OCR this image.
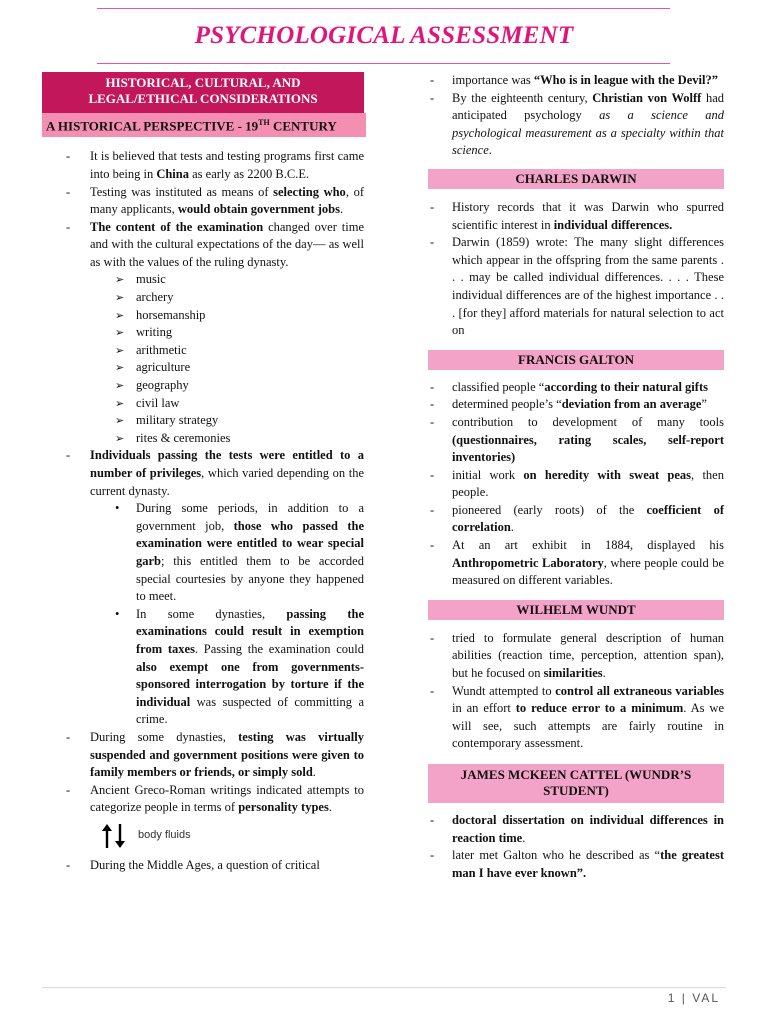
PSYCHOLOGICAL ASSESSMENT
HISTORICAL, CULTURAL, AND LEGAL/ETHICAL CONSIDERATIONS
A HISTORICAL PERSPECTIVE - 19TH CENTURY
- It is believed that tests and testing programs first came into being in China as early as 2200 B.C.E.
- Testing was instituted as means of selecting who, of many applicants, would obtain government jobs.
- The content of the examination changed over time and with the cultural expectations of the day— as well as with the values of the ruling dynasty.
➢ music
➢ archery
➢ horsemanship
➢ writing
➢ arithmetic
➢ agriculture
➢ geography
➢ civil law
➢ military strategy
➢ rites & ceremonies
- Individuals passing the tests were entitled to a number of privileges, which varied depending on the current dynasty.
• During some periods, in addition to a government job, those who passed the examination were entitled to wear special garb; this entitled them to be accorded special courtesies by anyone they happened to meet.
• In some dynasties, passing the examinations could result in exemption from taxes. Passing the examination could also exempt one from governments-sponsored interrogation by torture if the individual was suspected of committing a crime.
- During some dynasties, testing was virtually suspended and government positions were given to family members or friends, or simply sold.
- Ancient Greco-Roman writings indicated attempts to categorize people in terms of personality types.
body fluids
- During the Middle Ages, a question of critical
- importance was “Who is in league with the Devil?”
- By the eighteenth century, Christian von Wolff had anticipated psychology as a science and psychological measurement as a specialty within that science.
CHARLES DARWIN
- History records that it was Darwin who spurred scientific interest in individual differences.
- Darwin (1859) wrote: The many slight differences which appear in the offspring from the same parents . . . may be called individual differences. . . . These individual differences are of the highest importance . . . [for they] afford materials for natural selection to act on
FRANCIS GALTON
- classified people “according to their natural gifts
- determined people’s “deviation from an average”
- contribution to development of many tools (questionnaires, rating scales, self-report inventories)
- initial work on heredity with sweat peas, then people.
- pioneered (early roots) of the coefficient of correlation.
- At an art exhibit in 1884, displayed his Anthropometric Laboratory, where people could be measured on different variables.
WILHELM WUNDT
- tried to formulate general description of human abilities (reaction time, perception, attention span), but he focused on similarities.
- Wundt attempted to control all extraneous variables in an effort to reduce error to a minimum. As we will see, such attempts are fairly routine in contemporary assessment.
JAMES MCKEEN CATTEL (WUNDR’S STUDENT)
- doctoral dissertation on individual differences in reaction time.
- later met Galton who he described as “the greatest man I have ever known”.
1 | VAL
